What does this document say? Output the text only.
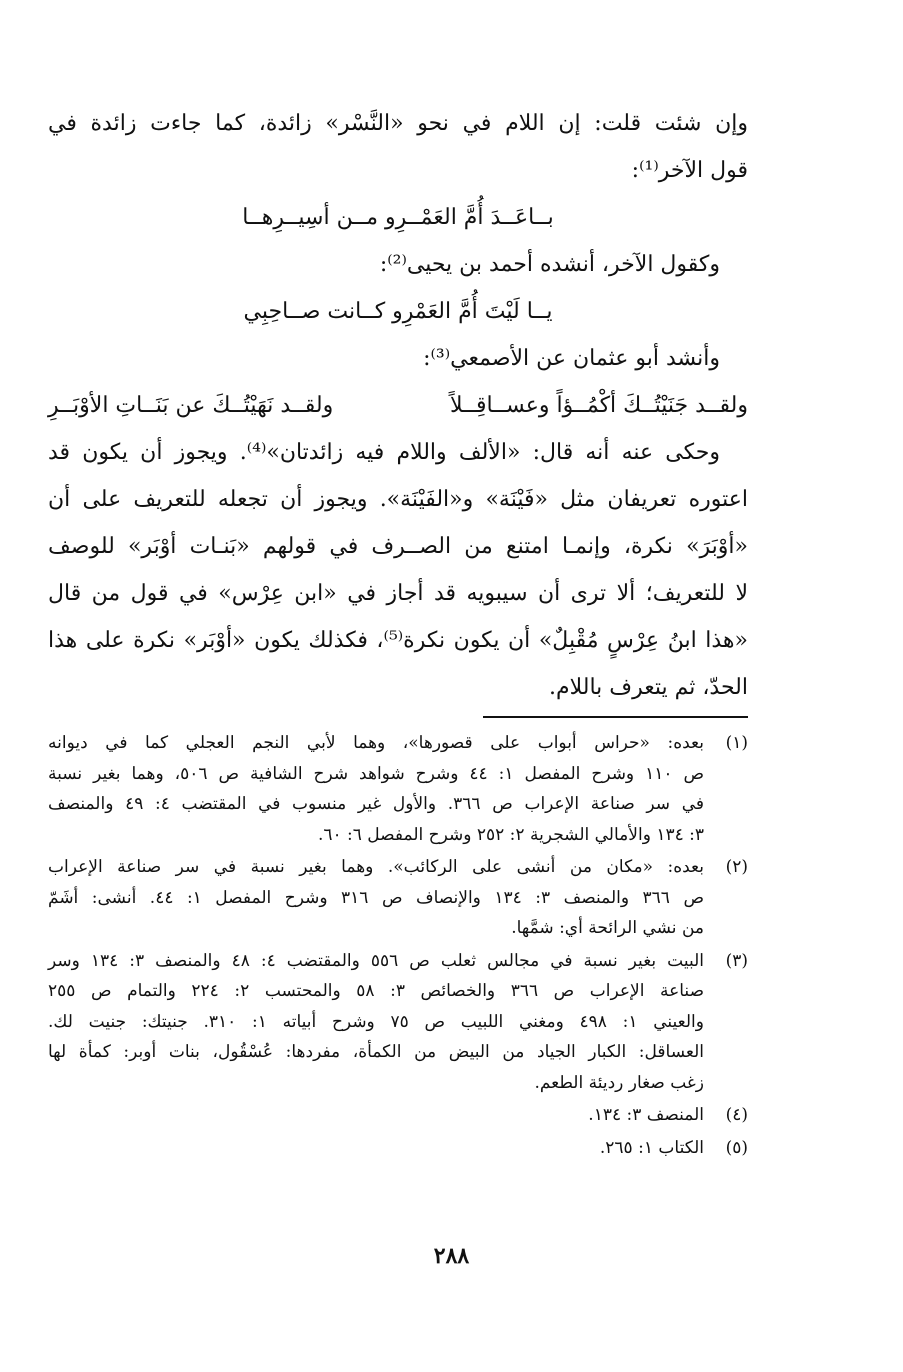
وإن شئت قلت: إن اللام في نحو «النَّسْر» زائدة، كما جاءت زائدة في
قول الآخر⁽¹⁾:
بــاعَــدَ أُمَّ العَمْــرِو مــن أسِيــرِهــا
وكقول الآخر، أنشده أحمد بن يحيى⁽²⁾:
يــا لَيْتَ أُمَّ العَمْرِو كــانت صــاحِبِي
وأنشد أبو عثمان عن الأصمعي⁽³⁾:
ولقــد جَنَيْتُــكَ أكْمُــؤاً وعســاقِــلاً
ولقــد نَهَيْتُــكَ عن بَنَــاتِ الأوْبَــرِ
وحكى عنه أنه قال: «الألف واللام فيه زائدتان»⁽⁴⁾. ويجوز أن يكون قد
اعتوره تعريفان مثل «فَيْنَة» و«الفَيْنَة». ويجوز أن تجعله للتعريف على أن
«أوْبَرَ» نكرة، وإنمـا امتنع من الصــرف في قولهم «بَنـات أوْبَر» للوصف
لا للتعريف؛ ألا ترى أن سيبويه قد أجاز في «ابن عِرْس» في قول من قال
«هذا ابنُ عِرْسٍ مُقْبِلٌ» أن يكون نكرة⁽⁵⁾، فكذلك يكون «أوْبَر» نكرة على هذا
الحدّ، ثم يتعرف باللام.
(١)
بعده: «حراس أبواب على قصورها»، وهما لأبي النجم العجلي كما في ديوانه
ص ١١٠ وشرح المفصل ١: ٤٤ وشرح شواهد شرح الشافية ص ٥٠٦، وهما بغير نسبة
في سر صناعة الإعراب ص ٣٦٦. والأول غير منسوب في المقتضب ٤: ٤٩ والمنصف
٣: ١٣٤ والأمالي الشجرية ٢: ٢٥٢ وشرح المفصل ٦: ٦٠.
(٢)
بعده: «مكان من أنشى على الركائب». وهما بغير نسبة في سر صناعة الإعراب
ص ٣٦٦ والمنصف ٣: ١٣٤ والإنصاف ص ٣١٦ وشرح المفصل ١: ٤٤. أنشى: أشَمّ
من نشي الرائحة أي: شمَّها.
(٣)
البيت بغير نسبة في مجالس ثعلب ص ٥٥٦ والمقتضب ٤: ٤٨ والمنصف ٣: ١٣٤ وسر
صناعة الإعراب ص ٣٦٦ والخصائص ٣: ٥٨ والمحتسب ٢: ٢٢٤ والتمام ص ٢٥٥
والعيني ١: ٤٩٨ ومغني اللبيب ص ٧٥ وشرح أبياته ١: ٣١٠. جنيتك: جنيت لك.
العساقل: الكبار الجياد من البيض من الكمأة، مفردها: عُسْقُول، بنات أوبر: كمأة لها
زغب صغار رديئة الطعم.
(٤)
المنصف ٣: ١٣٤.
(٥)
الكتاب ١: ٢٦٥.
٢٨٨
